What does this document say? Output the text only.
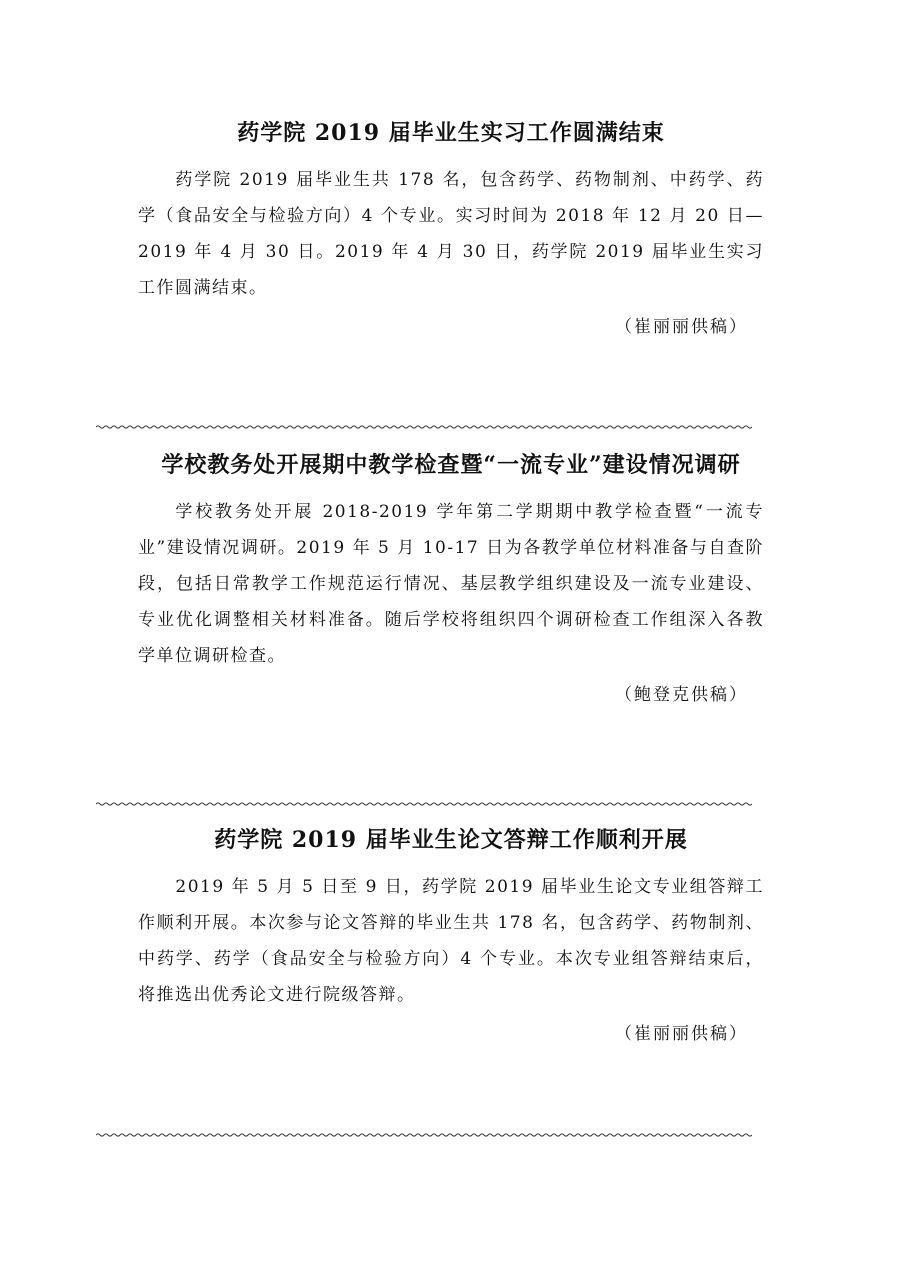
药学院 2019 届毕业生实习工作圆满结束

药学院 2019 届毕业生共 178 名，包含药学、药物制剂、中药学、药学（食品安全与检验方向）4 个专业。实习时间为 2018 年 12 月 20 日—2019 年 4 月 30 日。2019 年 4 月 30 日，药学院 2019 届毕业生实习工作圆满结束。

（崔丽丽供稿）

学校教务处开展期中教学检查暨“一流专业”建设情况调研

学校教务处开展 2018-2019 学年第二学期期中教学检查暨“一流专业”建设情况调研。2019 年 5 月 10-17 日为各教学单位材料准备与自查阶段，包括日常教学工作规范运行情况、基层教学组织建设及一流专业建设、专业优化调整相关材料准备。随后学校将组织四个调研检查工作组深入各教学单位调研检查。

（鲍登克供稿）

药学院 2019 届毕业生论文答辩工作顺利开展

2019 年 5 月 5 日至 9 日，药学院 2019 届毕业生论文专业组答辩工作顺利开展。本次参与论文答辩的毕业生共 178 名，包含药学、药物制剂、中药学、药学（食品安全与检验方向）4 个专业。本次专业组答辩结束后，将推选出优秀论文进行院级答辩。

（崔丽丽供稿）
